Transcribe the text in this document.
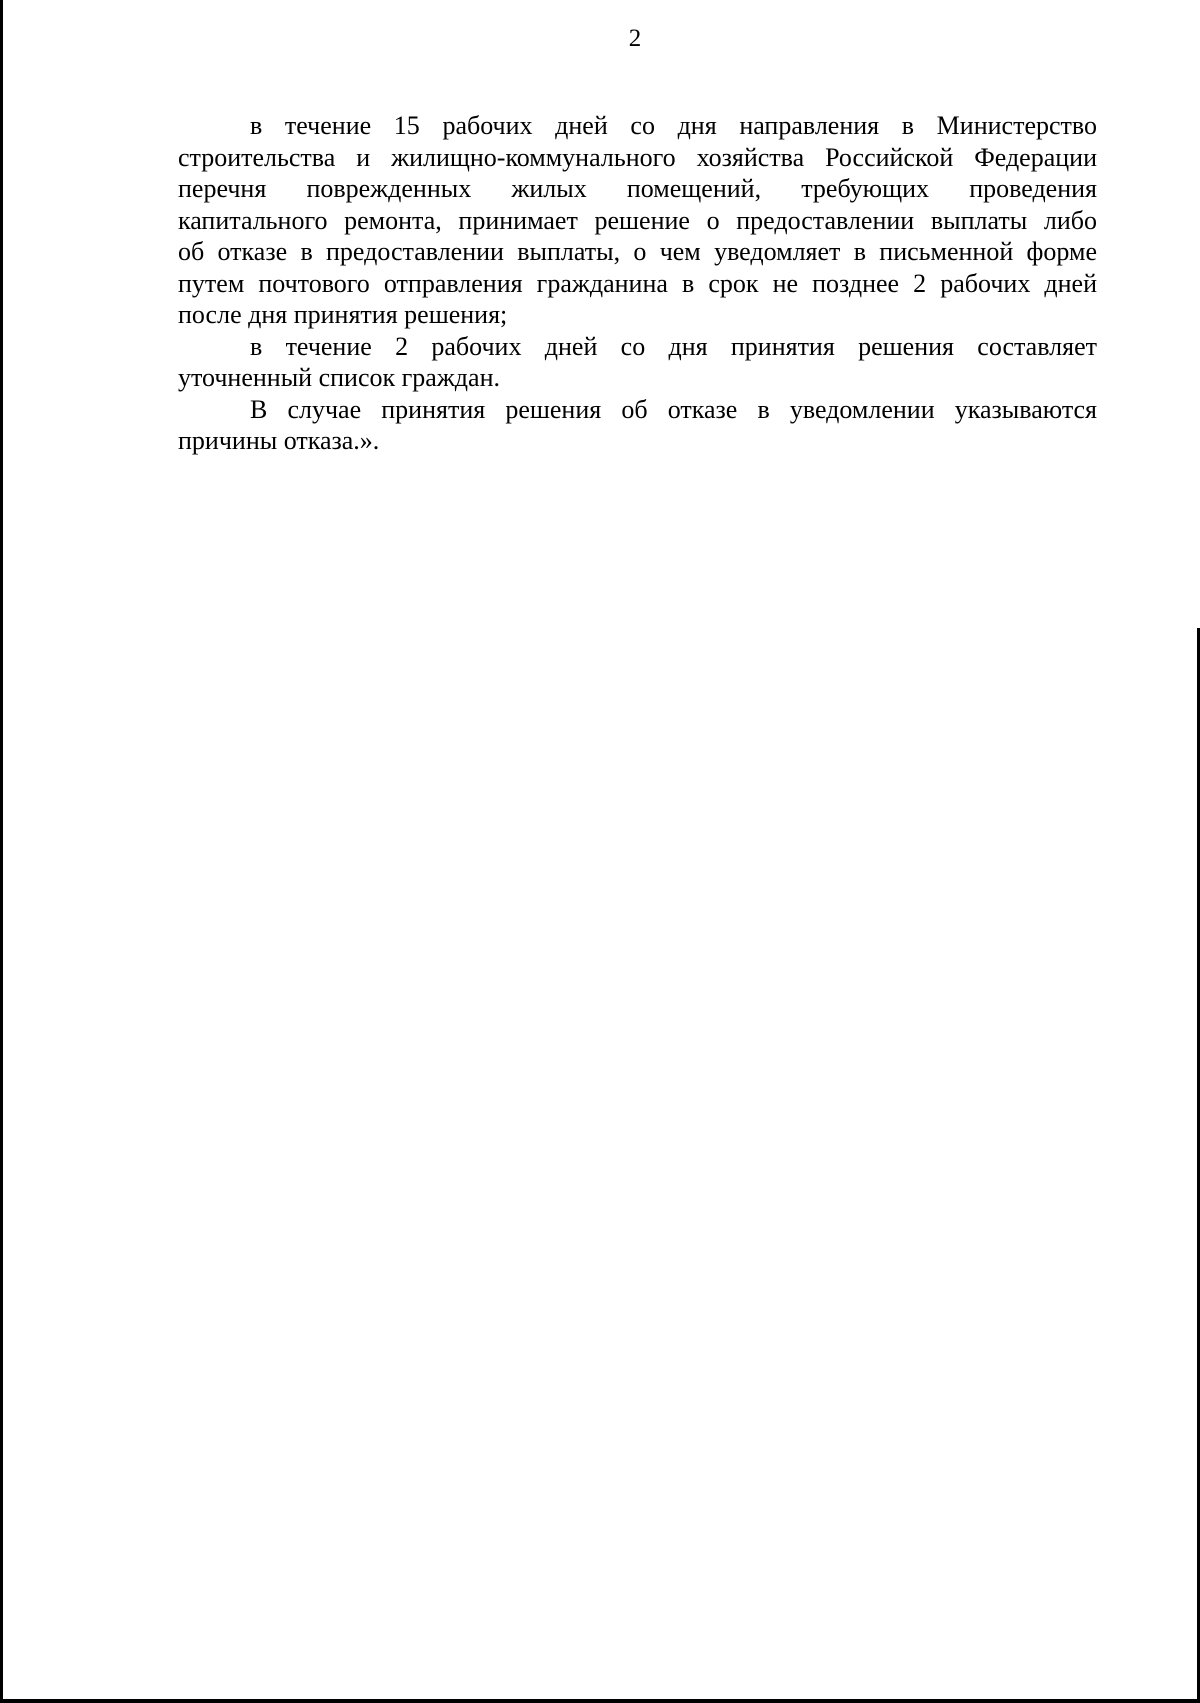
2

в течение 15 рабочих дней со дня направления в Министерство
строительства и жилищно-коммунального хозяйства Российской Федерации
перечня поврежденных жилых помещений, требующих проведения
капитального ремонта, принимает решение о предоставлении выплаты либо
об отказе в предоставлении выплаты, о чем уведомляет в письменной форме
путем почтового отправления гражданина в срок не позднее 2 рабочих дней
после дня принятия решения;

в течение 2 рабочих дней со дня принятия решения составляет
уточненный список граждан.

В случае принятия решения об отказе в уведомлении указываются
причины отказа.».
